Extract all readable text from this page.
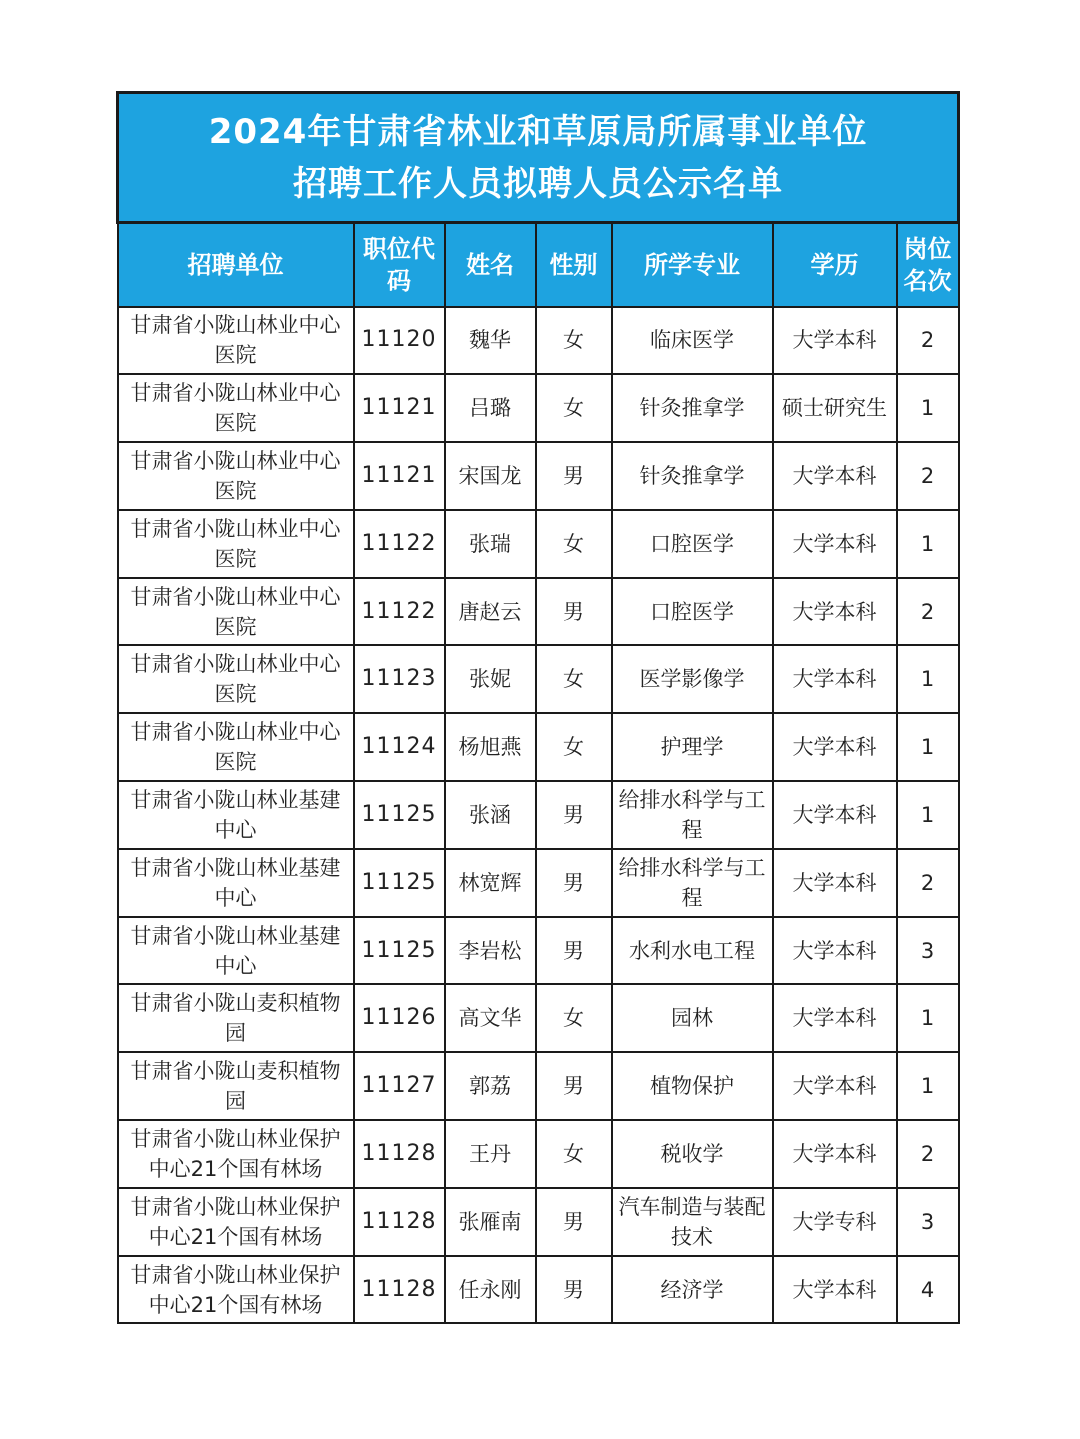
2024年甘肃省林业和草原局所属事业单位
招聘工作人员拟聘人员公示名单						

招聘单位	职位代码	姓名	性别	所学专业	学历	岗位名次
甘肃省小陇山林业中心医院	11120	魏华	女	临床医学	大学本科	2
甘肃省小陇山林业中心医院	11121	吕璐	女	针灸推拿学	硕士研究生	1
甘肃省小陇山林业中心医院	11121	宋国龙	男	针灸推拿学	大学本科	2
甘肃省小陇山林业中心医院	11122	张瑞	女	口腔医学	大学本科	1
甘肃省小陇山林业中心医院	11122	唐赵云	男	口腔医学	大学本科	2
甘肃省小陇山林业中心医院	11123	张妮	女	医学影像学	大学本科	1
甘肃省小陇山林业中心医院	11124	杨旭燕	女	护理学	大学本科	1
甘肃省小陇山林业基建中心	11125	张涵	男	给排水科学与工程	大学本科	1
甘肃省小陇山林业基建中心	11125	林宽辉	男	给排水科学与工程	大学本科	2
甘肃省小陇山林业基建中心	11125	李岩松	男	水利水电工程	大学本科	3
甘肃省小陇山麦积植物园	11126	高文华	女	园林	大学本科	1
甘肃省小陇山麦积植物园	11127	郭荔	男	植物保护	大学本科	1
甘肃省小陇山林业保护中心21个国有林场	11128	王丹	女	税收学	大学本科	2
甘肃省小陇山林业保护中心21个国有林场	11128	张雁南	男	汽车制造与装配技术	大学专科	3
甘肃省小陇山林业保护中心21个国有林场	11128	任永刚	男	经济学	大学本科	4
